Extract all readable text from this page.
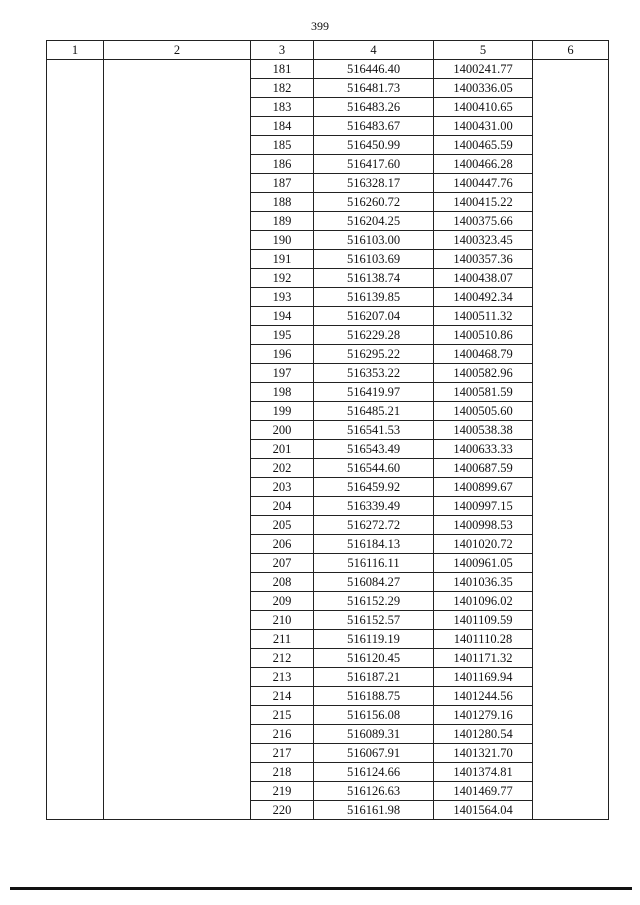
399
1	2	3	4	5	6
		181	516446.40	1400241.77	
		182	516481.73	1400336.05	
		183	516483.26	1400410.65	
		184	516483.67	1400431.00	
		185	516450.99	1400465.59	
		186	516417.60	1400466.28	
		187	516328.17	1400447.76	
		188	516260.72	1400415.22	
		189	516204.25	1400375.66	
		190	516103.00	1400323.45	
		191	516103.69	1400357.36	
		192	516138.74	1400438.07	
		193	516139.85	1400492.34	
		194	516207.04	1400511.32	
		195	516229.28	1400510.86	
		196	516295.22	1400468.79	
		197	516353.22	1400582.96	
		198	516419.97	1400581.59	
		199	516485.21	1400505.60	
		200	516541.53	1400538.38	
		201	516543.49	1400633.33	
		202	516544.60	1400687.59	
		203	516459.92	1400899.67	
		204	516339.49	1400997.15	
		205	516272.72	1400998.53	
		206	516184.13	1401020.72	
		207	516116.11	1400961.05	
		208	516084.27	1401036.35	
		209	516152.29	1401096.02	
		210	516152.57	1401109.59	
		211	516119.19	1401110.28	
		212	516120.45	1401171.32	
		213	516187.21	1401169.94	
		214	516188.75	1401244.56	
		215	516156.08	1401279.16	
		216	516089.31	1401280.54	
		217	516067.91	1401321.70	
		218	516124.66	1401374.81	
		219	516126.63	1401469.77	
		220	516161.98	1401564.04	
